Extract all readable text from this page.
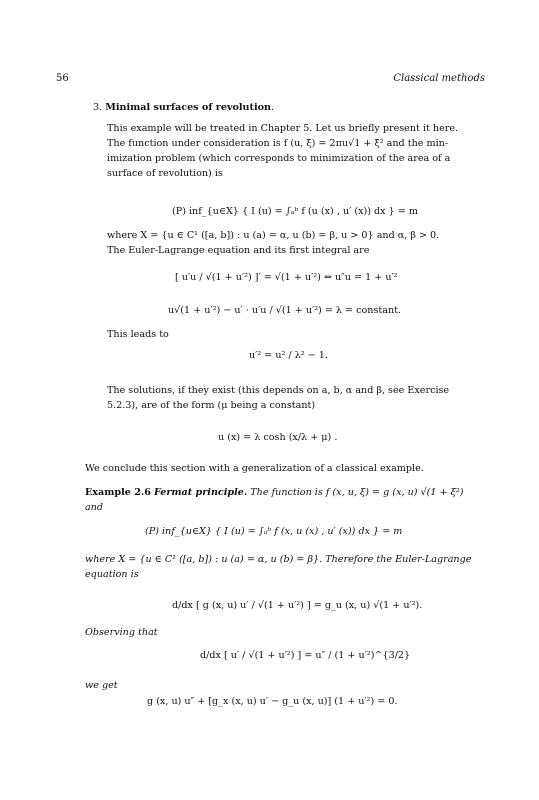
56	Classical methods
3. Minimal surfaces of revolution.
This example will be treated in Chapter 5. Let us briefly present it here.
The function under consideration is f (u, ξ) = 2πu√1 + ξ² and the min-
imization problem (which corresponds to minimization of the area of a
surface of revolution) is
(P) inf_{u∈X} { I (u) = ∫ₐᵇ f (u (x) , u′ (x)) dx } = m
where X = {u ∈ C¹ ([a, b]) : u (a) = α, u (b) = β, u > 0} and α, β > 0.
The Euler-Lagrange equation and its first integral are
[ u′u / √(1 + u′²) ]′ = √(1 + u′²) ⇔ u″u = 1 + u′²
u√(1 + u′²) − u′ · u′u / √(1 + u′²) = λ = constant.
This leads to
u′² = u² / λ² − 1.
The solutions, if they exist (this depends on a, b, α and β, see Exercise
5.2.3), are of the form (μ being a constant)
u (x) = λ cosh (x/λ + μ) .
We conclude this section with a generalization of a classical example.
Example 2.6 Fermat principle. The function is f (x, u, ξ) = g (x, u) √(1 + ξ²)
and
(P) inf_{u∈X} { I (u) = ∫ₐᵇ f (x, u (x) , u′ (x)) dx } = m
where X = {u ∈ C¹ ([a, b]) : u (a) = α, u (b) = β}. Therefore the Euler-Lagrange
equation is
d/dx [ g (x, u) u′ / √(1 + u′²) ] = g_u (x, u) √(1 + u′²).
Observing that
d/dx [ u′ / √(1 + u′²) ] = u″ / (1 + u′²)^{3/2}
we get
g (x, u) u″ + [g_x (x, u) u′ − g_u (x, u)] (1 + u′²) = 0.
